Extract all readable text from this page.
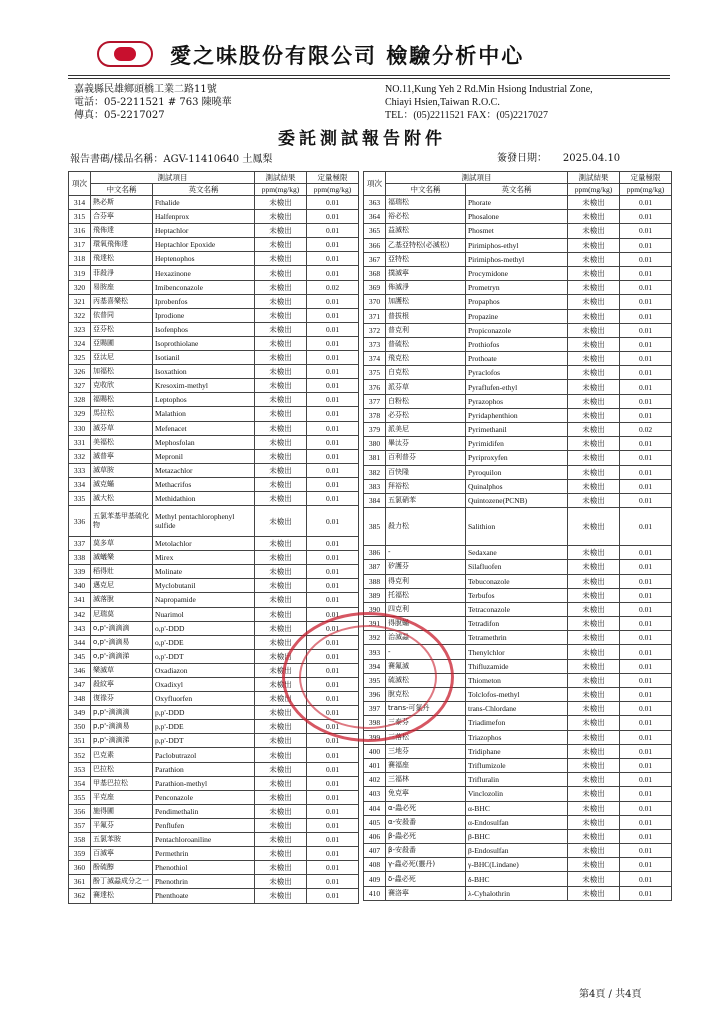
愛之味股份有限公司 檢驗分析中心
嘉義縣民雄鄉頭橋工業二路11號
電話：05-2211521 # 763 陳曉華
傳真：05-2217027
NO.11,Kung Yeh 2 Rd.Min Hsiong Industrial Zone,
Chiayi Hsien,Taiwan R.O.C.
TEL：(05)2211521 FAX：(05)2217027
委託測試報告附件
報告書碼/樣品名稱：AGV-11410640 土鳳梨	簽發日期： 2025.04.10
項次	測試項目		測試結果	定量極限
	中文名稱	英文名稱	ppm(mg/kg)	ppm(mg/kg)
314	熱必斯	Fthalide	未檢出	0.01
315	合芬寧	Halfenprox	未檢出	0.01
316	飛佈達	Heptachlor	未檢出	0.01
317	環氧飛佈達	Heptachlor Epoxide	未檢出	0.01
318	飛達松	Heptenophos	未檢出	0.01
319	菲殺淨	Hexazinone	未檢出	0.01
320	易胺座	Imibenconazole	未檢出	0.02
321	丙基喜樂松	Iprobenfos	未檢出	0.01
322	依普同	Iprodione	未檢出	0.01
323	亞芬松	Isofenphos	未檢出	0.01
324	亞賜圃	Isoprothiolane	未檢出	0.01
325	亞汰尼	Isotianil	未檢出	0.01
326	加福松	Isoxathion	未檢出	0.01
327	克收欣	Kresoxim-methyl	未檢出	0.01
328	福賜松	Leptophos	未檢出	0.01
329	馬拉松	Malathion	未檢出	0.01
330	滅芬草	Mefenacet	未檢出	0.01
331	美福松	Mephosfolan	未檢出	0.01
332	滅普寧	Mepronil	未檢出	0.01
333	滅草胺	Metazachlor	未檢出	0.01
334	滅克蟎	Methacrifos	未檢出	0.01
335	滅大松	Methidathion	未檢出	0.01
336	五氯苯基甲基硫化物	Methyl pentachlorophenyl sulfide	未檢出	0.01
337	莫多草	Metolachlor	未檢出	0.01
338	滅蟻樂	Mirex	未檢出	0.01
339	稻得壯	Molinate	未檢出	0.01
340	邁克尼	Myclobutanil	未檢出	0.01
341	滅落脫	Napropamide	未檢出	0.01
342	尼瑞莫	Nuarimol	未檢出	0.01
343	o,p'-滴滴滴	o,p'-DDD	未檢出	0.01
344	o,p'-滴滴易	o,p'-DDE	未檢出	0.01
345	o,p'-滴滴涕	o,p'-DDT	未檢出	0.01
346	樂滅草	Oxadiazon	未檢出	0.01
347	殺紋寧	Oxadixyl	未檢出	0.01
348	復祿芬	Oxyfluorfen	未檢出	0.01
349	p,p'-滴滴滴	p,p'-DDD	未檢出	0.01
350	p,p'-滴滴易	p,p'-DDE	未檢出	0.01
351	p,p'-滴滴涕	p,p'-DDT	未檢出	0.01
352	巴克素	Paclobutrazol	未檢出	0.01
353	巴拉松	Parathion	未檢出	0.01
354	甲基巴拉松	Parathion-methyl	未檢出	0.01
355	平克座	Penconazole	未檢出	0.01
356	施得圃	Pendimethalin	未檢出	0.01
357	平氟芬	Penflufen	未檢出	0.01
358	五氯苯胺	Pentachloroaniline	未檢出	0.01
359	百滅寧	Permethrin	未檢出	0.01
360	酚硫醇	Phenothiol	未檢出	0.01
361	酚丁滅蝨成分之一	Phenothrin	未檢出	0.01
362	賽達松	Phenthoate	未檢出	0.01
項次	測試項目		測試結果	定量極限
	中文名稱	英文名稱	ppm(mg/kg)	ppm(mg/kg)
363	福瑞松	Phorate	未檢出	0.01
364	裕必松	Phosalone	未檢出	0.01
365	益滅松	Phosmet	未檢出	0.01
366	乙基亞特松(必滅松)	Pirimiphos-ethyl	未檢出	0.01
367	亞特松	Pirimiphos-methyl	未檢出	0.01
368	撲滅寧	Procymidone	未檢出	0.01
369	佈滅淨	Prometryn	未檢出	0.01
370	加護松	Propaphos	未檢出	0.01
371	普拔根	Propazine	未檢出	0.01
372	普克利	Propiconazole	未檢出	0.01
373	普硫松	Prothiofos	未檢出	0.01
374	飛克松	Prothoate	未檢出	0.01
375	白克松	Pyraclofos	未檢出	0.01
376	派芬草	Pyraflufen-ethyl	未檢出	0.01
377	白粉松	Pyrazophos	未檢出	0.01
378	必芬松	Pyridaphenthion	未檢出	0.01
379	派美尼	Pyrimethanil	未檢出	0.02
380	畢汰芬	Pyrimidifen	未檢出	0.01
381	百利普芬	Pyriproxyfen	未檢出	0.01
382	百快隆	Pyroquilon	未檢出	0.01
383	拜裕松	Quinalphos	未檢出	0.01
384	五氯硝苯	Quintozene(PCNB)	未檢出	0.01
385	殺力松	Salithion	未檢出	0.01
386	-	Sedaxane	未檢出	0.01
387	矽護芬	Silafluofen	未檢出	0.01
388	得克利	Tebuconazole	未檢出	0.01
389	托福松	Terbufos	未檢出	0.01
390	四克利	Tetraconazole	未檢出	0.01
391	得脫蟎	Tetradifon	未檢出	0.01
392	治滅蝨	Tetramethrin	未檢出	0.01
393	-	Thenylchlor	未檢出	0.01
394	賽氟滅	Thifluzamide	未檢出	0.01
395	硫滅松	Thiometon	未檢出	0.01
396	脫克松	Tolclofos-methyl	未檢出	0.01
397	trans-可氯丹	trans-Chlordane	未檢出	0.01
398	三泰芬	Triadimefon	未檢出	0.01
399	三落松	Triazophos	未檢出	0.01
400	三地芬	Tridiphane	未檢出	0.01
401	賽福座	Triflumizole	未檢出	0.01
402	三福林	Trifluralin	未檢出	0.01
403	免克寧	Vinclozolin	未檢出	0.01
404	α-蟲必死	α-BHC	未檢出	0.01
405	α-安殺番	α-Endosulfan	未檢出	0.01
406	β-蟲必死	β-BHC	未檢出	0.01
407	β-安殺番	β-Endosulfan	未檢出	0.01
408	γ-蟲必死(靈丹)	γ-BHC(Lindane)	未檢出	0.01
409	δ-蟲必死	δ-BHC	未檢出	0.01
410	賽洛寧	λ-Cyhalothrin	未檢出	0.01
第4頁 / 共4頁
